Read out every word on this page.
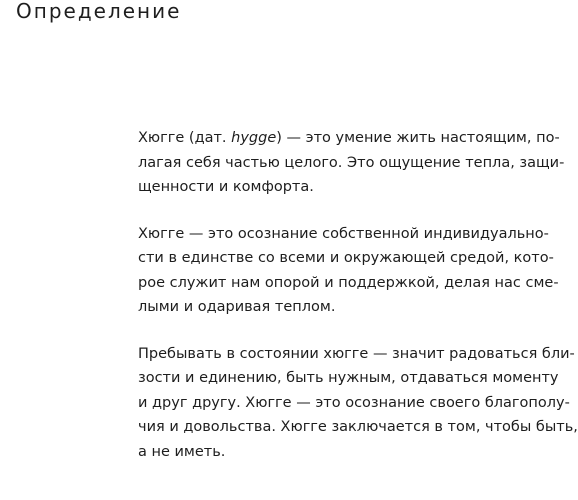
Определение

Хюгге (дат. hygge) — это умение жить настоящим, по-
лагая себя частью целого. Это ощущение тепла, защи-
щенности и комфорта.

Хюгге — это осознание собственной индивидуально-
сти в единстве со всеми и окружающей средой, кото-
рое служит нам опорой и поддержкой, делая нас сме-
лыми и одаривая теплом.

Пребывать в состоянии хюгге — значит радоваться бли-
зости и единению, быть нужным, отдаваться моменту
и друг другу. Хюгге — это осознание своего благополу-
чия и довольства. Хюгге заключается в том, чтобы быть,
а не иметь.
